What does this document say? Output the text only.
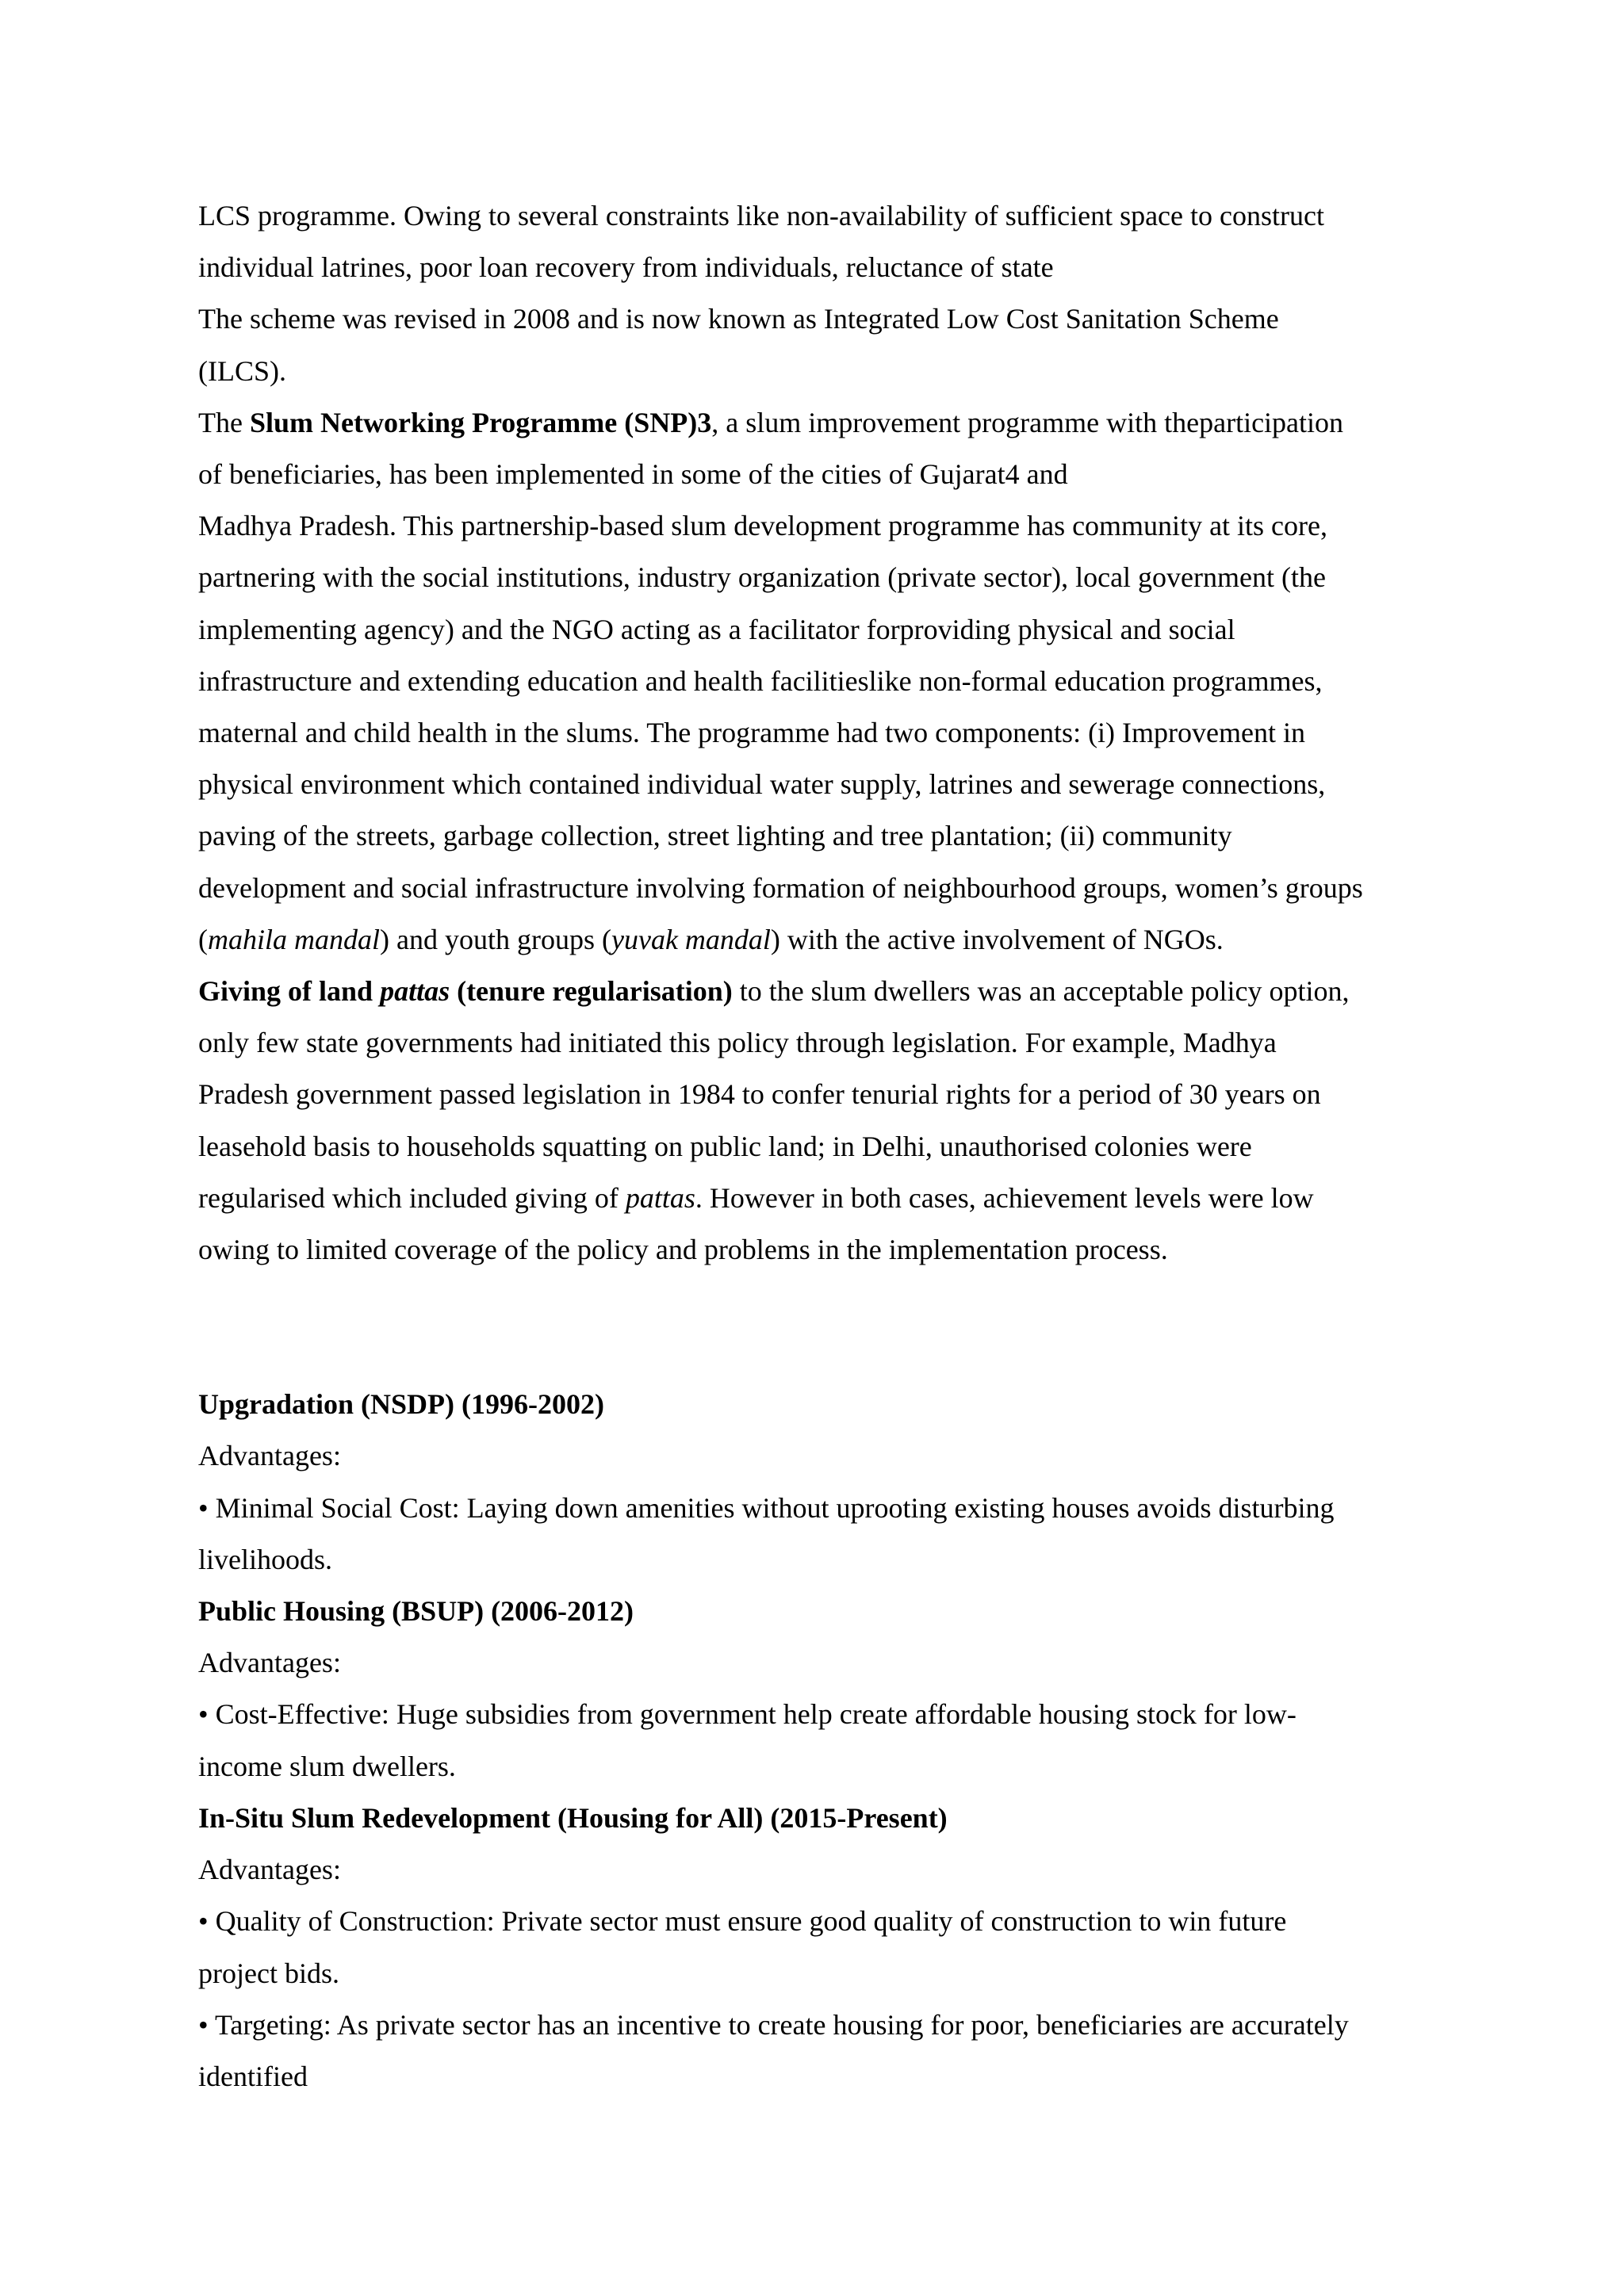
LCS programme. Owing to several constraints like non-availability of sufficient space to construct
individual latrines, poor loan recovery from individuals, reluctance of state
The scheme was revised in 2008 and is now known as Integrated Low Cost Sanitation Scheme
(ILCS).
The Slum Networking Programme (SNP)3, a slum improvement programme with theparticipation
of beneficiaries, has been implemented in some of the cities of Gujarat4 and
Madhya Pradesh. This partnership-based slum development programme has community at its core,
partnering with the social institutions, industry organization (private sector), local government (the
implementing agency) and the NGO acting as a facilitator forproviding physical and social
infrastructure and extending education and health facilitieslike non-formal education programmes,
maternal and child health in the slums. The programme had two components: (i) Improvement in
physical environment which contained individual water supply, latrines and sewerage connections,
paving of the streets, garbage collection, street lighting and tree plantation; (ii) community
development and social infrastructure involving formation of neighbourhood groups, women’s groups
(mahila mandal) and youth groups (yuvak mandal) with the active involvement of NGOs.
Giving of land pattas (tenure regularisation) to the slum dwellers was an acceptable policy option,
only few state governments had initiated this policy through legislation. For example, Madhya
Pradesh government passed legislation in 1984 to confer tenurial rights for a period of 30 years on
leasehold basis to households squatting on public land; in Delhi, unauthorised colonies were
regularised which included giving of pattas. However in both cases, achievement levels were low
owing to limited coverage of the policy and problems in the implementation process.
Upgradation (NSDP) (1996-2002)
Advantages:
• Minimal Social Cost: Laying down amenities without uprooting existing houses avoids disturbing
livelihoods.
Public Housing (BSUP) (2006-2012)
Advantages:
• Cost-Effective: Huge subsidies from government help create affordable housing stock for low-
income slum dwellers.
In-Situ Slum Redevelopment (Housing for All) (2015-Present)
Advantages:
• Quality of Construction: Private sector must ensure good quality of construction to win future
project bids.
• Targeting: As private sector has an incentive to create housing for poor, beneficiaries are accurately
identified
